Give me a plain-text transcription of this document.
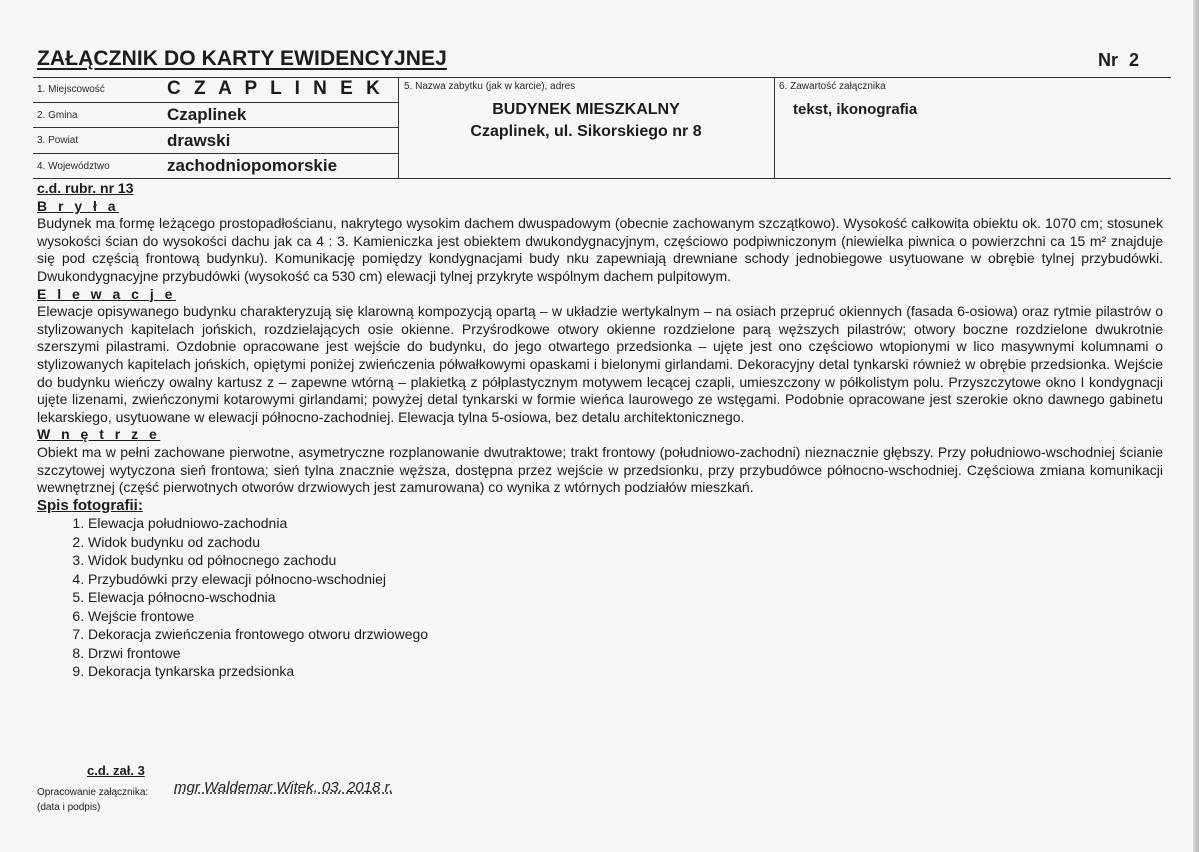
ZAŁĄCZNIK DO KARTY EWIDENCYJNEJ	Nr 2
1. Miejscowość	C Z A P L I N E K
2. Gmina	Czaplinek
3. Powiat	drawski
4. Województwo	zachodniopomorskie
5. Nazwa zabytku (jak w karcie), adres
BUDYNEK MIESZKALNY
Czaplinek, ul. Sikorskiego nr 8
6. Zawartość załącznika
tekst, ikonografia
c.d. rubr. nr 13
B r y ł a

Budynek ma formę leżącego prostopadłościanu, nakrytego wysokim dachem dwuspadowym (obecnie zachowanym szczątkowo). Wysokość całkowita obiektu ok. 1070 cm; stosunek wysokości ścian do wysokości dachu jak ca 4 : 3. Kamieniczka jest obiektem dwukondygnacyjnym, częściowo podpiwniczonym (niewielka piwnica o powierzchni ca 15 m² znajduje się pod częścią frontową budynku). Komunikację pomiędzy kondygnacjami budy nku zapewniają drewniane schody jednobiegowe usytuowane w obrębie tylnej przybudówki. Dwukondygnacyjne przybudówki (wysokość ca 530 cm) elewacji tylnej przykryte wspólnym dachem pulpitowym.

E l e w a c j e

Elewacje opisywanego budynku charakteryzują się klarowną kompozycją opartą – w układzie wertykalnym – na osiach przepruć okiennych (fasada 6-osiowa) oraz rytmie pilastrów o stylizowanych kapitelach jońskich, rozdzielających osie okienne. Przyśrodkowe otwory okienne rozdzielone parą węższych pilastrów; otwory boczne rozdzielone dwukrotnie szerszymi pilastrami. Ozdobnie opracowane jest wejście do budynku, do jego otwartego przedsionka – ujęte jest ono częściowo wtopionymi w lico masywnymi kolumnami o stylizowanych kapitelach jońskich, opiętymi poniżej zwieńczenia półwałkowymi opaskami i bielonymi girlandami. Dekoracyjny detal tynkarski również w obrębie przedsionka. Wejście do budynku wieńczy owalny kartusz z – zapewne wtórną – plakietką z półplastycznym motywem lecącej czapli, umieszczony w półkolistym polu. Przyszczytowe okno I kondygnacji ujęte lizenami, zwieńczonymi kotarowymi girlandami; powyżej detal tynkarski w formie wieńca laurowego ze wstęgami. Podobnie opracowane jest szerokie okno dawnego gabinetu lekarskiego, usytuowane w elewacji północno-zachodniej. Elewacja tylna 5-osiowa, bez detalu architektonicznego.

W n ę t r z e

Obiekt ma w pełni zachowane pierwotne, asymetryczne rozplanowanie dwutraktowe; trakt frontowy (południowo-zachodni) nieznacznie głębszy. Przy południowo-wschodniej ścianie szczytowej wytyczona sień frontowa; sień tylna znacznie węższa, dostępna przez wejście w przedsionku, przy przybudówce północno-wschodniej. Częściowa zmiana komunikacji wewnętrznej (część pierwotnych otworów drzwiowych jest zamurowana) co wynika z wtórnych podziałów mieszkań.

Spis fotografii:
1. Elewacja południowo-zachodnia
2. Widok budynku od zachodu
3. Widok budynku od północnego zachodu
4. Przybudówki przy elewacji północno-wschodniej
5. Elewacja północno-wschodnia
6. Wejście frontowe
7. Dekoracja zwieńczenia frontowego otworu drzwiowego
8. Drzwi frontowe
9. Dekoracja tynkarska przedsionka
c.d. zał. 3
Opracowanie załącznika:
(data i podpis)
mgr Waldemar Witek, 03. 2018 r.
